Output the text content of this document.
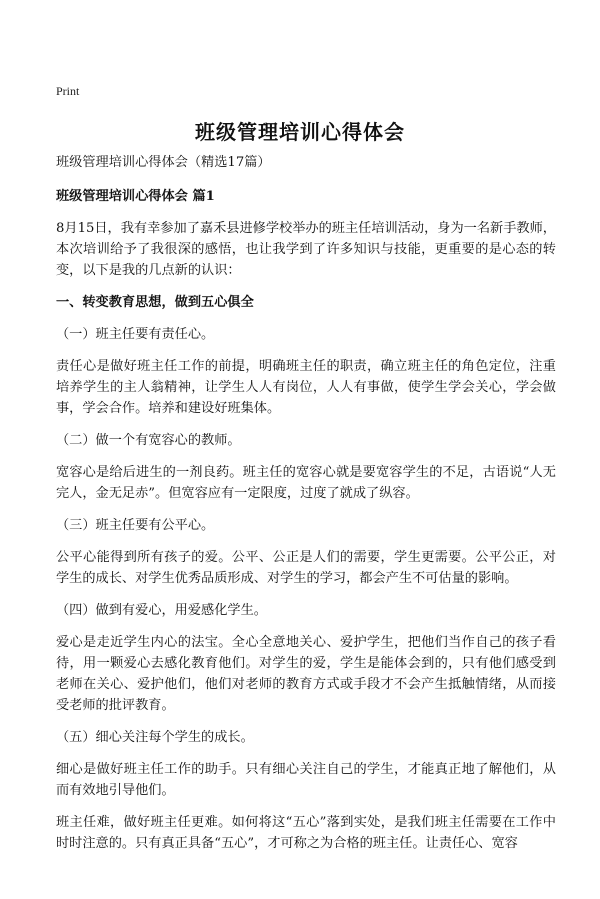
Print
班级管理培训心得体会

班级管理培训心得体会（精选17篇）

班级管理培训心得体会 篇1

8月15日，我有幸参加了嘉禾县进修学校举办的班主任培训活动，身为一名新手教师，本次培训给予了我很深的感悟，也让我学到了许多知识与技能，更重要的是心态的转变，以下是我的几点新的认识：

一、转变教育思想，做到五心俱全

（一）班主任要有责任心。

责任心是做好班主任工作的前提，明确班主任的职责，确立班主任的角色定位，注重培养学生的主人翁精神，让学生人人有岗位，人人有事做，使学生学会关心，学会做事，学会合作。培养和建设好班集体。

（二）做一个有宽容心的教师。

宽容心是给后进生的一剂良药。班主任的宽容心就是要宽容学生的不足，古语说“人无完人，金无足赤”。但宽容应有一定限度，过度了就成了纵容。

（三）班主任要有公平心。

公平心能得到所有孩子的爱。公平、公正是人们的需要，学生更需要。公平公正，对学生的成长、对学生优秀品质形成、对学生的学习，都会产生不可估量的影响。

（四）做到有爱心，用爱感化学生。

爱心是走近学生内心的法宝。全心全意地关心、爱护学生，把他们当作自己的孩子看待，用一颗爱心去感化教育他们。对学生的爱，学生是能体会到的，只有他们感受到老师在关心、爱护他们，他们对老师的教育方式或手段才不会产生抵触情绪，从而接受老师的批评教育。

（五）细心关注每个学生的成长。

细心是做好班主任工作的助手。只有细心关注自己的学生，才能真正地了解他们，从而有效地引导他们。

班主任难，做好班主任更难。如何将这“五心”落到实处，是我们班主任需要在工作中时时注意的。只有真正具备“五心”，才可称之为合格的班主任。让责任心、宽容
